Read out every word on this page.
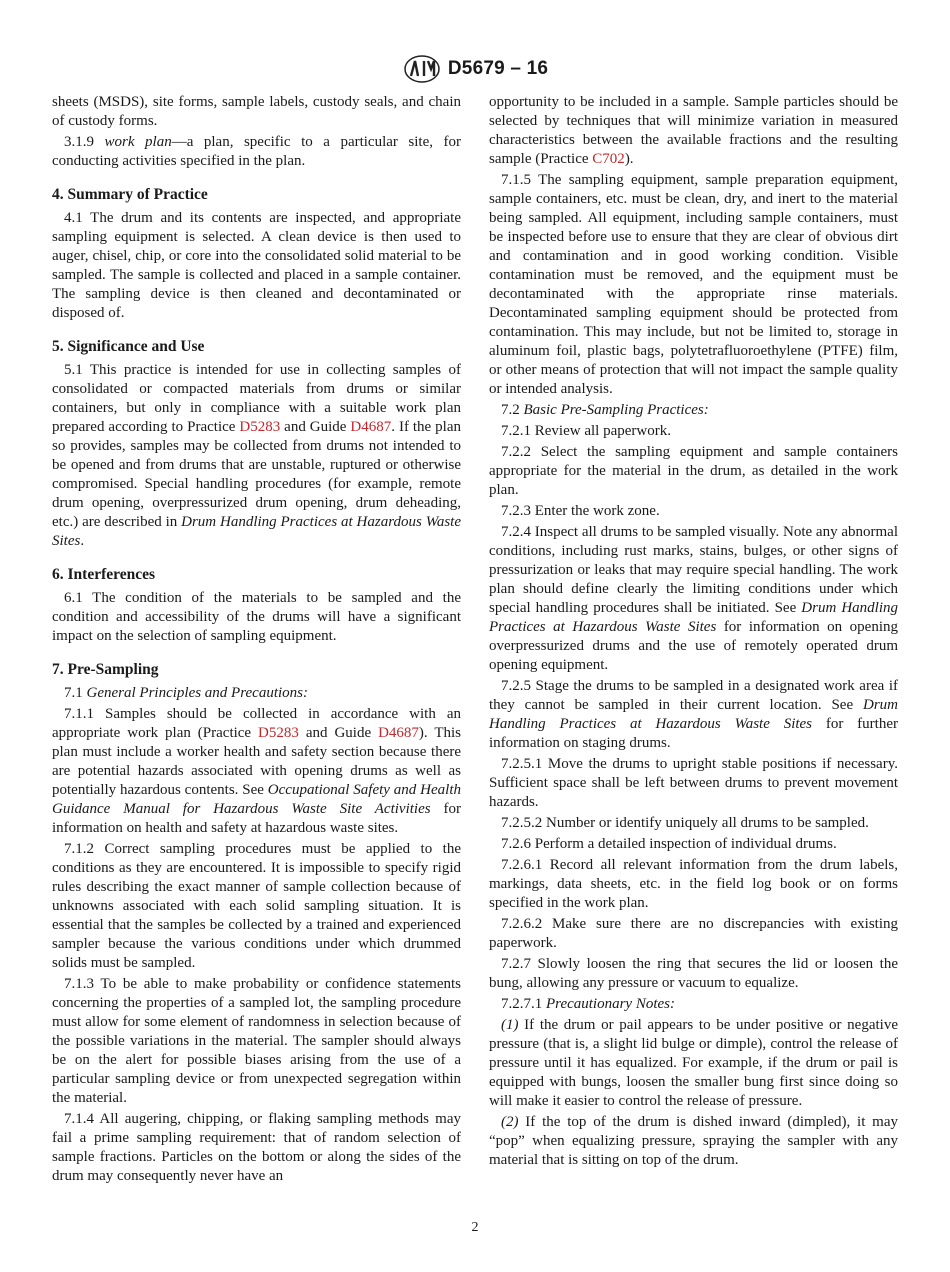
D5679 – 16
sheets (MSDS), site forms, sample labels, custody seals, and chain of custody forms.
3.1.9 work plan—a plan, specific to a particular site, for conducting activities specified in the plan.
4. Summary of Practice
4.1 The drum and its contents are inspected, and appropriate sampling equipment is selected. A clean device is then used to auger, chisel, chip, or core into the consolidated solid material to be sampled. The sample is collected and placed in a sample container. The sampling device is then cleaned and decontaminated or disposed of.
5. Significance and Use
5.1 This practice is intended for use in collecting samples of consolidated or compacted materials from drums or similar containers, but only in compliance with a suitable work plan prepared according to Practice D5283 and Guide D4687. If the plan so provides, samples may be collected from drums not intended to be opened and from drums that are unstable, ruptured or otherwise compromised. Special handling procedures (for example, remote drum opening, overpressurized drum opening, drum deheading, etc.) are described in Drum Handling Practices at Hazardous Waste Sites.
6. Interferences
6.1 The condition of the materials to be sampled and the condition and accessibility of the drums will have a significant impact on the selection of sampling equipment.
7. Pre-Sampling
7.1 General Principles and Precautions:
7.1.1 Samples should be collected in accordance with an appropriate work plan (Practice D5283 and Guide D4687). This plan must include a worker health and safety section because there are potential hazards associated with opening drums as well as potentially hazardous contents. See Occupational Safety and Health Guidance Manual for Hazardous Waste Site Activities for information on health and safety at hazardous waste sites.
7.1.2 Correct sampling procedures must be applied to the conditions as they are encountered. It is impossible to specify rigid rules describing the exact manner of sample collection because of unknowns associated with each solid sampling situation. It is essential that the samples be collected by a trained and experienced sampler because the various conditions under which drummed solids must be sampled.
7.1.3 To be able to make probability or confidence statements concerning the properties of a sampled lot, the sampling procedure must allow for some element of randomness in selection because of the possible variations in the material. The sampler should always be on the alert for possible biases arising from the use of a particular sampling device or from unexpected segregation within the material.
7.1.4 All augering, chipping, or flaking sampling methods may fail a prime sampling requirement: that of random selection of sample fractions. Particles on the bottom or along the sides of the drum may consequently never have an
opportunity to be included in a sample. Sample particles should be selected by techniques that will minimize variation in measured characteristics between the available fractions and the resulting sample (Practice C702).
7.1.5 The sampling equipment, sample preparation equipment, sample containers, etc. must be clean, dry, and inert to the material being sampled. All equipment, including sample containers, must be inspected before use to ensure that they are clear of obvious dirt and contamination and in good working condition. Visible contamination must be removed, and the equipment must be decontaminated with the appropriate rinse materials. Decontaminated sampling equipment should be protected from contamination. This may include, but not be limited to, storage in aluminum foil, plastic bags, polytetrafluoroethylene (PTFE) film, or other means of protection that will not impact the sample quality or intended analysis.
7.2 Basic Pre-Sampling Practices:
7.2.1 Review all paperwork.
7.2.2 Select the sampling equipment and sample containers appropriate for the material in the drum, as detailed in the work plan.
7.2.3 Enter the work zone.
7.2.4 Inspect all drums to be sampled visually. Note any abnormal conditions, including rust marks, stains, bulges, or other signs of pressurization or leaks that may require special handling. The work plan should define clearly the limiting conditions under which special handling procedures shall be initiated. See Drum Handling Practices at Hazardous Waste Sites for information on opening overpressurized drums and the use of remotely operated drum opening equipment.
7.2.5 Stage the drums to be sampled in a designated work area if they cannot be sampled in their current location. See Drum Handling Practices at Hazardous Waste Sites for further information on staging drums.
7.2.5.1 Move the drums to upright stable positions if necessary. Sufficient space shall be left between drums to prevent movement hazards.
7.2.5.2 Number or identify uniquely all drums to be sampled.
7.2.6 Perform a detailed inspection of individual drums.
7.2.6.1 Record all relevant information from the drum labels, markings, data sheets, etc. in the field log book or on forms specified in the work plan.
7.2.6.2 Make sure there are no discrepancies with existing paperwork.
7.2.7 Slowly loosen the ring that secures the lid or loosen the bung, allowing any pressure or vacuum to equalize.
7.2.7.1 Precautionary Notes:
(1) If the drum or pail appears to be under positive or negative pressure (that is, a slight lid bulge or dimple), control the release of pressure until it has equalized. For example, if the drum or pail is equipped with bungs, loosen the smaller bung first since doing so will make it easier to control the release of pressure.
(2) If the top of the drum is dished inward (dimpled), it may “pop” when equalizing pressure, spraying the sampler with any material that is sitting on top of the drum.
2
